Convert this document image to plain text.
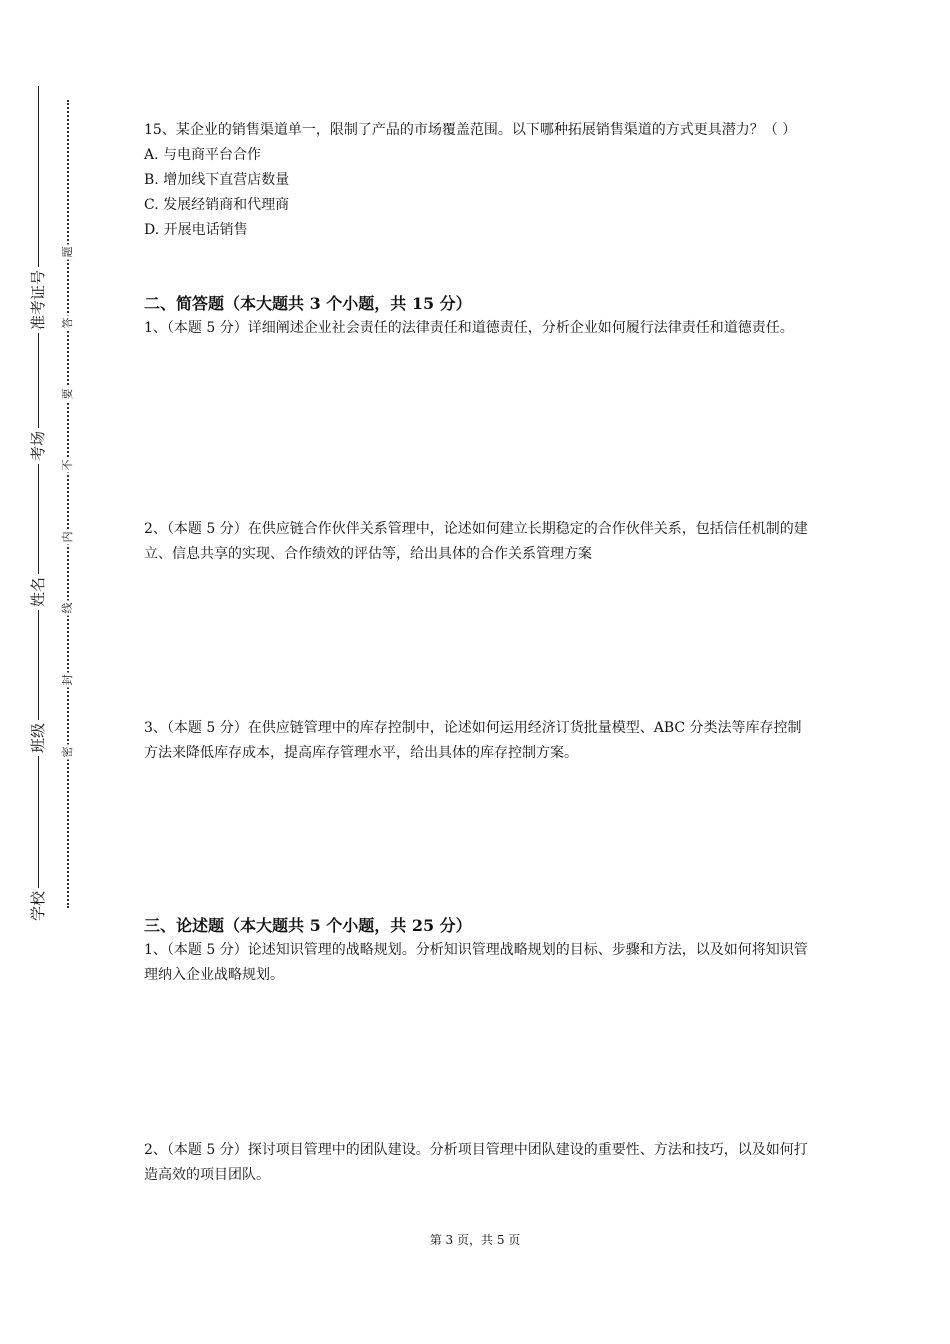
准考证号
考场
姓名
班级
学校
题
答
要
不
内
线
封
密

15、某企业的销售渠道单一，限制了产品的市场覆盖范围。以下哪种拓展销售渠道的方式更具潜力？（ ）

A. 与电商平台合作

B. 增加线下直营店数量

C. 发展经销商和代理商

D. 开展电话销售

二、简答题（本大题共 3 个小题，共 15 分）

1、（本题 5 分）详细阐述企业社会责任的法律责任和道德责任，分析企业如何履行法律责任和道德责任。

2、（本题 5 分）在供应链合作伙伴关系管理中，论述如何建立长期稳定的合作伙伴关系，包括信任机制的建立、信息共享的实现、合作绩效的评估等，给出具体的合作关系管理方案

3、（本题 5 分）在供应链管理中的库存控制中，论述如何运用经济订货批量模型、ABC 分类法等库存控制方法来降低库存成本，提高库存管理水平，给出具体的库存控制方案。

三、论述题（本大题共 5 个小题，共 25 分）

1、（本题 5 分）论述知识管理的战略规划。分析知识管理战略规划的目标、步骤和方法，以及如何将知识管理纳入企业战略规划。

2、（本题 5 分）探讨项目管理中的团队建设。分析项目管理中团队建设的重要性、方法和技巧，以及如何打造高效的项目团队。

第 3 页，共 5 页
